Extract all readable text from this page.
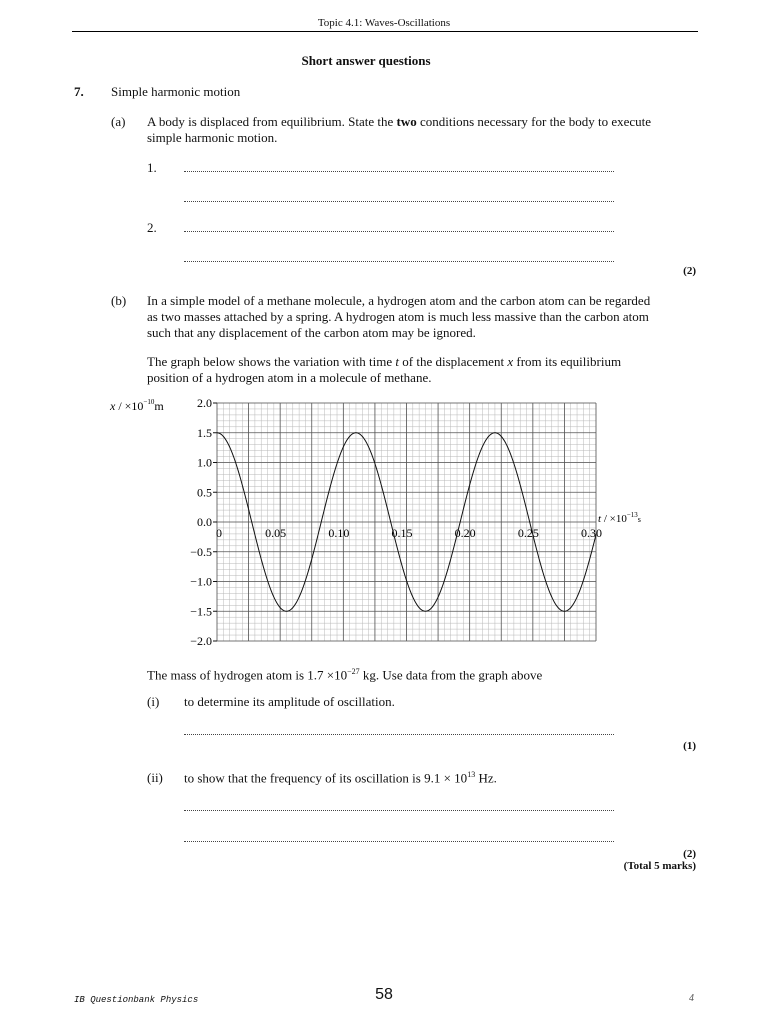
Topic 4.1: Waves-Oscillations
Short answer questions
7. Simple harmonic motion
(a) A body is displaced from equilibrium. State the two conditions necessary for the body to execute simple harmonic motion.
1.
2.
(2)
(b) In a simple model of a methane molecule, a hydrogen atom and the carbon atom can be regarded as two masses attached by a spring. A hydrogen atom is much less massive than the carbon atom such that any displacement of the carbon atom may be ignored.
The graph below shows the variation with time t of the displacement x from its equilibrium position of a hydrogen atom in a molecule of methane.
2.0
1.5
1.0
0.5
0.0
−0.5
−1.0
−1.5
−2.0
0	0.05	0.10	0.15	0.20	0.25	0.30
$x / \times 10^{-10}m$
$t / \times 10^{-13}_s$
The mass of hydrogen atom is $1.7 \times 10^{-27}$ kg. Use data from the graph above
(i) to determine its amplitude of oscillation.
(1)
(ii) to show that the frequency of its oscillation is $9.1 \times 10^{13}$ Hz.
(2)
(Total 5 marks)
IB Questionbank Physics	58	4
